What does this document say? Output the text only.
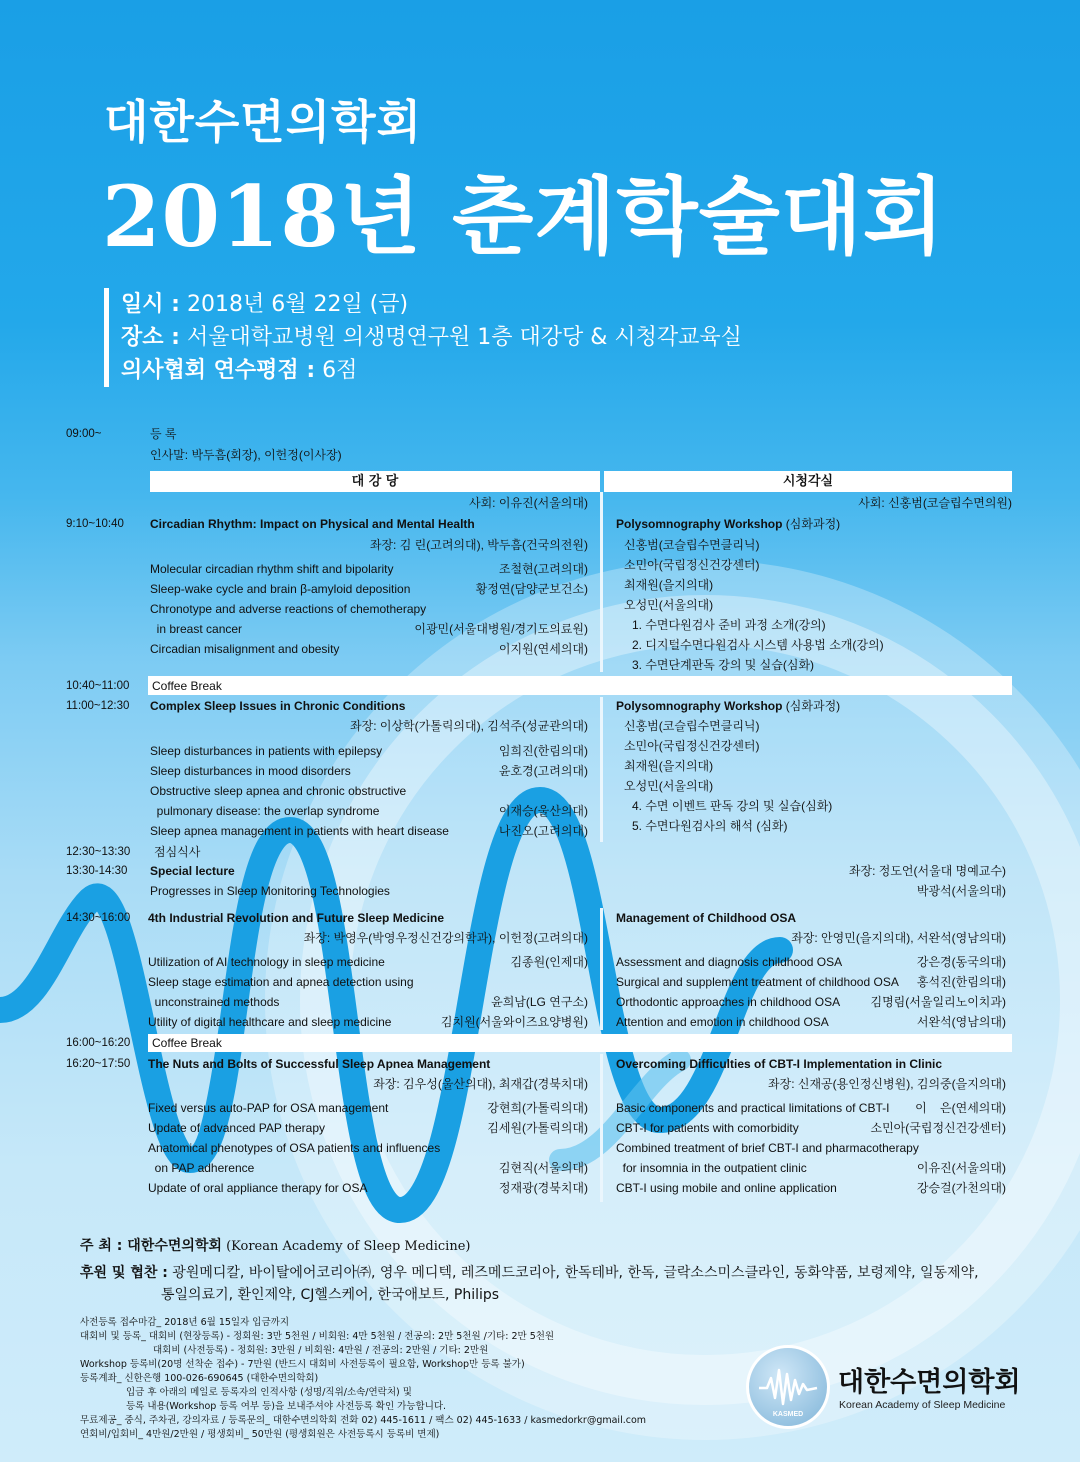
대한수면의학회
2018년 춘계학술대회
일시 : 2018년 6월 22일 (금)
장소 : 서울대학교병원 의생명연구원 1층 대강당 & 시청각교육실
의사협회 연수평점 : 6점
09:00~	등 록
인사말: 박두흠(회장), 이헌정(이사장)
대 강 당	시청각실
사회: 이유진(서울의대)	사회: 신홍범(코슬립수면의원)
9:10~10:40 Circadian Rhythm: Impact on Physical and Mental Health
좌장: 김 린(고려의대), 박두흠(건국의전원)
Molecular circadian rhythm shift and bipolarity	조철현(고려의대)
Sleep-wake cycle and brain β-amyloid deposition	황정연(담양군보건소)
Chronotype and adverse reactions of chemotherapy
in breast cancer	이광민(서울대병원/경기도의료원)
Circadian misalignment and obesity	이지원(연세의대)
Polysomnography Workshop (심화과정)
신홍범(코슬립수면클리닉)
소민아(국립정신건강센터)
최재원(을지의대)
오성민(서울의대)
1. 수면다원검사 준비 과정 소개(강의)
2. 디지털수면다원검사 시스템 사용법 소개(강의)
3. 수면단계판독 강의 및 실습(심화)
10:40~11:00 Coffee Break
11:00~12:30 Complex Sleep Issues in Chronic Conditions
좌장: 이상학(가톨릭의대), 김석주(성균관의대)
Sleep disturbances in patients with epilepsy	임희진(한림의대)
Sleep disturbances in mood disorders	윤호경(고려의대)
Obstructive sleep apnea and chronic obstructive
pulmonary disease: the overlap syndrome	이재승(울산의대)
Sleep apnea management in patients with heart disease	나진오(고려의대)
Polysomnography Workshop (심화과정)
신홍범(코슬립수면클리닉)
소민아(국립정신건강센터)
최재원(을지의대)
오성민(서울의대)
4. 수면 이벤트 판독 강의 및 실습(심화)
5. 수면다원검사의 해석 (심화)
12:30~13:30 점심식사
13:30-14:30 Special lecture	좌장: 정도언(서울대 명예교수)
Progresses in Sleep Monitoring Technologies	박광석(서울의대)
14:30~16:00 4th Industrial Revolution and Future Sleep Medicine
좌장: 박영우(박영우정신건강의학과), 이헌정(고려의대)
Utilization of AI technology in sleep medicine	김종원(인제대)
Sleep stage estimation and apnea detection using
unconstrained methods	윤희남(LG 연구소)
Utility of digital healthcare and sleep medicine	김치원(서울와이즈요양병원)
Management of Childhood OSA
좌장: 안영민(을지의대), 서완석(영남의대)
Assessment and diagnosis childhood OSA	강은경(동국의대)
Surgical and supplement treatment of childhood OSA	홍석진(한림의대)
Orthodontic approaches in childhood OSA	김명림(서울일리노이치과)
Attention and emotion in childhood OSA	서완석(영남의대)
16:00~16:20 Coffee Break
16:20~17:50 The Nuts and Bolts of Successful Sleep Apnea Management
좌장: 김우성(울산의대), 최재갑(경북치대)
Fixed versus auto-PAP for OSA management	강현희(가톨릭의대)
Update of advanced PAP therapy	김세원(가톨릭의대)
Anatomical phenotypes of OSA patients and influences
on PAP adherence	김현직(서울의대)
Update of oral appliance therapy for OSA	정재광(경북치대)
Overcoming Difficulties of CBT-I Implementation in Clinic
좌장: 신재공(용인정신병원), 김의중(을지의대)
Basic components and practical limitations of CBT-I	이    은(연세의대)
CBT-I for patients with comorbidity	소민아(국립정신건강센터)
Combined treatment of brief CBT-I and pharmacotherapy
for insomnia in the outpatient clinic	이유진(서울의대)
CBT-I using mobile and online application	강승걸(가천의대)
주 최 : 대한수면의학회 (Korean Academy of Sleep Medicine)
후원 및 협찬 : 광원메디칼, 바이탈에어코리아㈜, 영우 메디텍, 레즈메드코리아, 한독테바, 한독, 글락소스미스클라인, 동화약품, 보령제약, 일동제약,
통일의료기, 환인제약, CJ헬스케어, 한국애보트, Philips
사전등록 접수마감_ 2018년 6월 15일자 입금까지
대회비 및 등록_ 대회비 (현장등록) - 정회원: 3만 5천원 / 비회원: 4만 5천원 / 전공의: 2만 5천원 /기타: 2만 5천원
대회비 (사전등록) - 정회원: 3만원 / 비회원: 4만원 / 전공의: 2만원 / 기타: 2만원
Workshop 등록비(20명 선착순 접수) - 7만원 (반드시 대회비 사전등록이 필요함, Workshop만 등록 불가)
등록계좌_ 신한은행 100-026-690645 (대한수면의학회)
입금 후 아래의 메일로 등록자의 인적사항 (성명/직위/소속/연락처) 및
등록 내용(Workshop 등록 여부 등)을 보내주셔야 사전등록 확인 가능합니다.
무료제공_ 중식, 주차권, 강의자료 / 등록문의_ 대한수면의학회 전화 02) 445-1611 / 팩스 02) 445-1633 / kasmedorkr@gmail.com
연회비/입회비_ 4만원/2만원 / 평생회비_ 50만원 (평생회원은 사전등록시 등록비 면제)
KASMED
대한수면의학회
Korean Academy of Sleep Medicine
